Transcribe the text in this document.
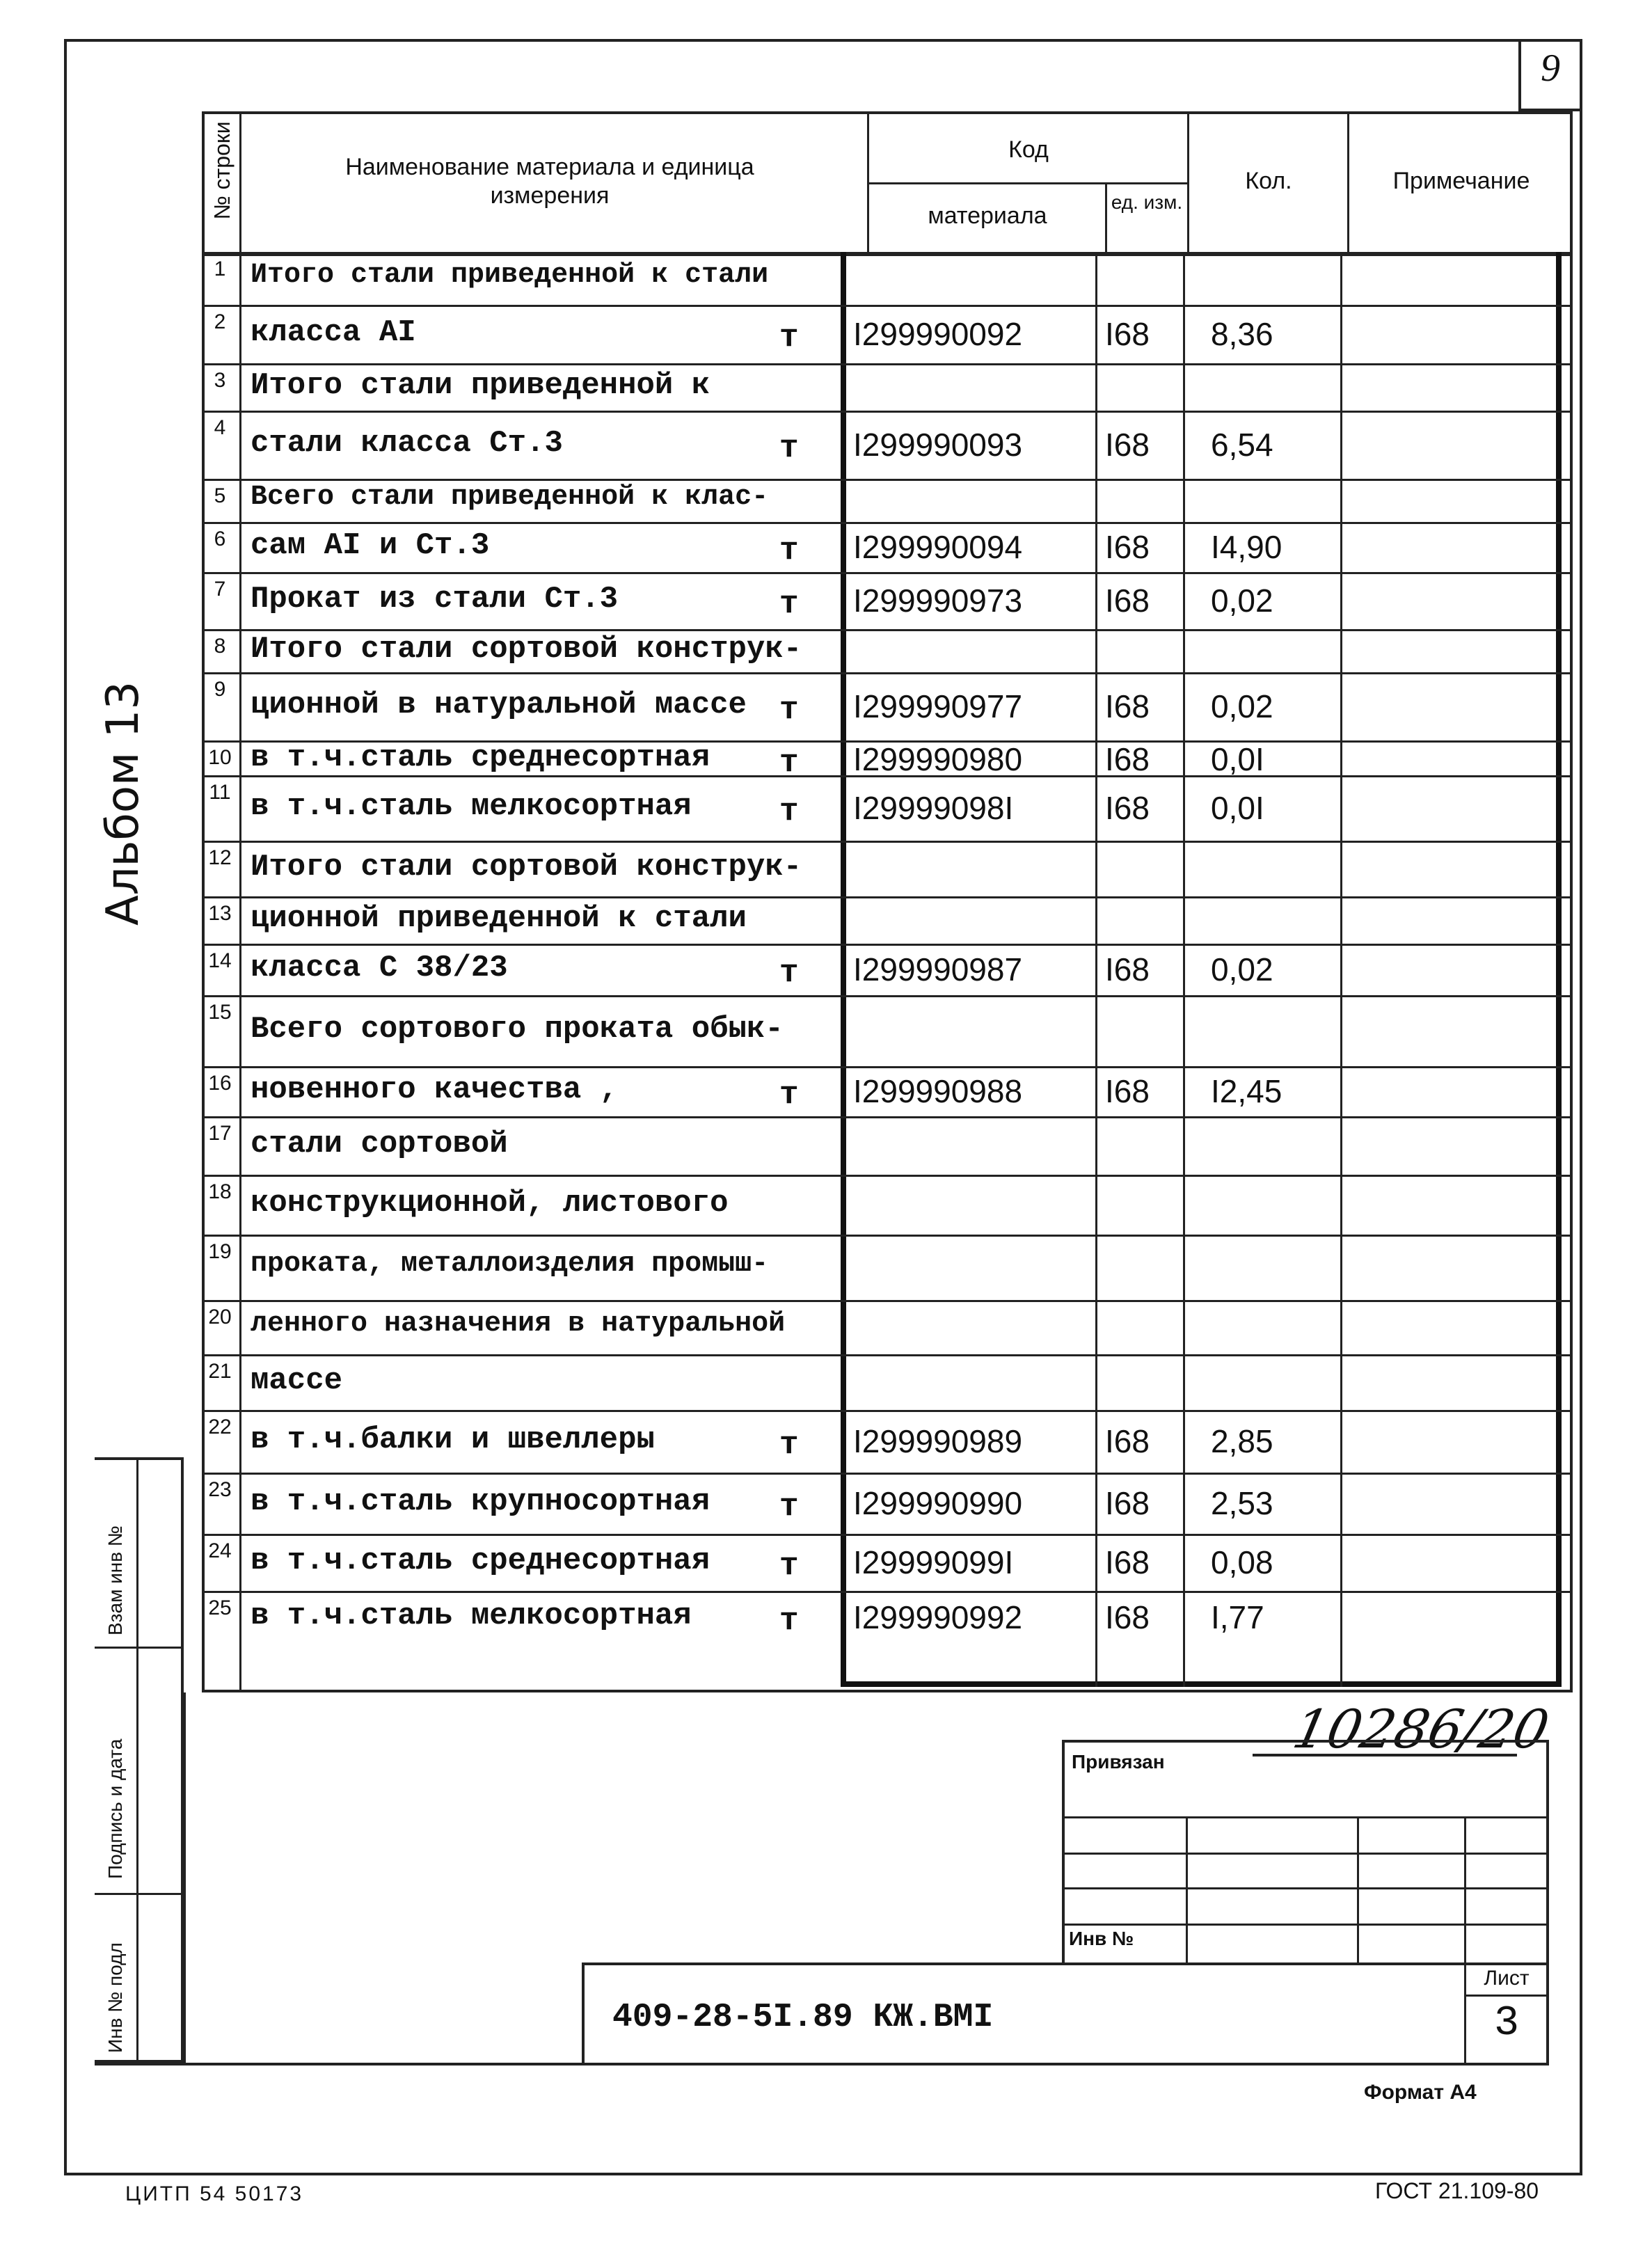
9
Альбом 13
№ строки	Наименование материала и единица измерения
Код
материала
ед. изм.
Кол.	Примечание
1 Итого стали приведенной к стали
2 класса АI	т I299990092	I68 8,36
3 Итого стали приведенной к
4 стали класса Ст.3	т I299990093	I68 6,54
5 Всего стали приведенной к клас-
6 сам АI и Ст.3	т I299990094	I68 I4,90
7 Прокат из стали Ст.3	т I299990973	I68 0,02
8 Итого стали сортовой конструк-
9 ционной в натуральной массе т I299990977	I68 0,02
10 в т.ч.сталь среднесортная т I299990980	I68 0,0I
11 в т.ч.сталь мелкосортная	т I29999098I	I68 0,0I
12 Итого стали сортовой конструк-
13 ционной приведенной к стали
14 класса С 38/23	т I299990987	I68 0,02
15 Всего сортового проката обык-
16 новенного качества ,	т I299990988	I68 I2,45
17 стали сортовой
18 конструкционной, листового
19 проката, металлоизделия промыш-
20 ленного назначения в натуральной
21 массе
22 в т.ч.балки и швеллеры	т I299990989	I68 2,85
23 в т.ч.сталь крупносортная т I299990990	I68 2,53
24 в т.ч.сталь среднесортная т I29999099I	I68 0,08
25 в т.ч.сталь мелкосортная	т I299990992	I68 I,77
10286/20
Взам инв №
Подпись и дата
Инв № подл
Привязан
Инв №
409-28-5I.89 КЖ.ВМI
Лист
3
Формат А4
ЦИТП 54 50173	ГОСТ 21.109-80
